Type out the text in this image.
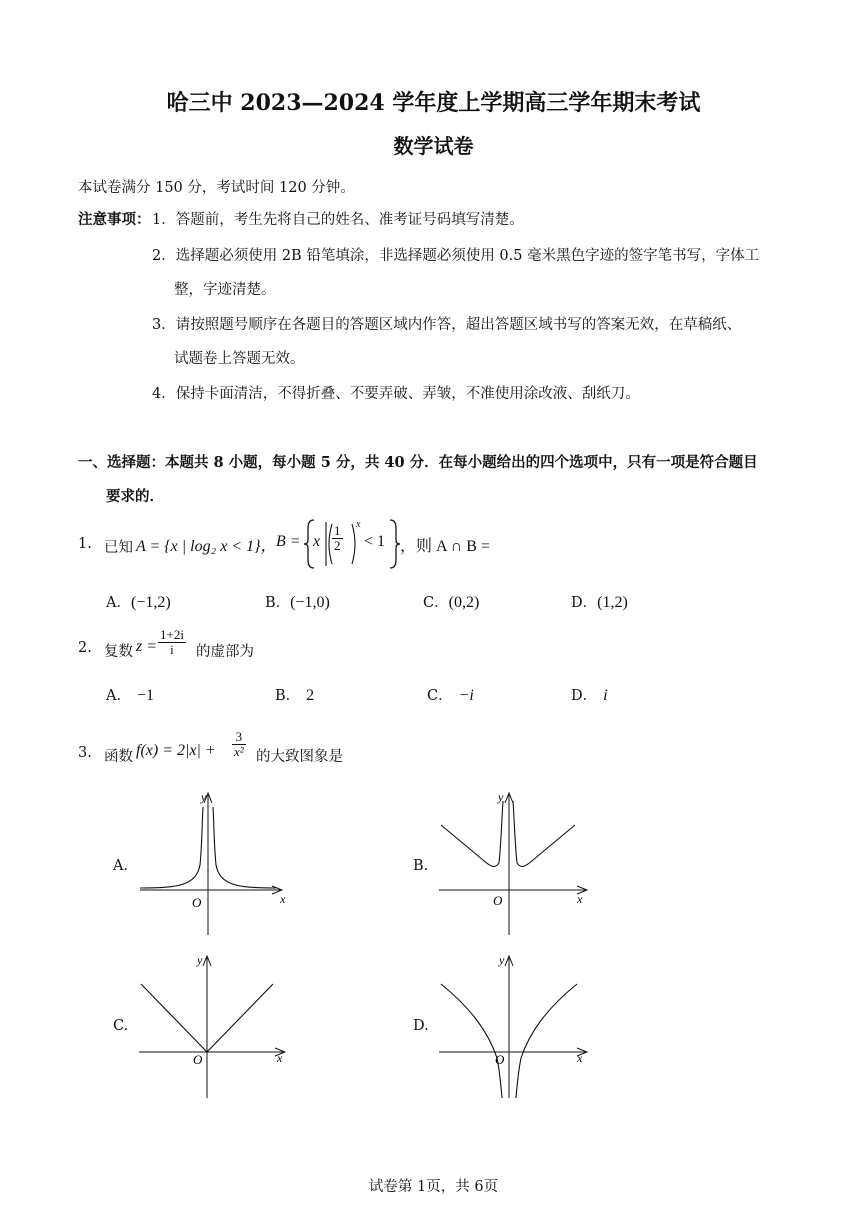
哈三中 2023—2024 学年度上学期高三学年期末考试
数学试卷
本试卷满分 150 分，考试时间 120 分钟。
注意事项： 1．答题前，考生先将自己的姓名、准考证号码填写清楚。
2．选择题必须使用 2B 铅笔填涂，非选择题必须使用 0.5 毫米黑色字迹的签字笔书写，字体工
整，字迹清楚。
3．请按照题号顺序在各题目的答题区域内作答，超出答题区域书写的答案无效，在草稿纸、
试题卷上答题无效。
4．保持卡面清洁，不得折叠、不要弄破、弄皱，不准使用涂改液、刮纸刀。
一、选择题：本题共 8 小题，每小题 5 分，共 40 分．在每小题给出的四个选项中，只有一项是符合题目
要求的．
1. 已知 A = {x | log₂ x < 1}， B = x $\frac{1}{2}$ x
< 1 ，则 A ∩ B =
A．(−1,2)	B．(−1,0)	C．(0,2)	D．(1,2)
2. 复数 $z = \frac{1+2i}{i}$ 的虚部为
A． −1	B． 2	C． −i	D． i
3. 函数 $f(x) = 2|x| + \frac{3}{\text{x²}}$ 的大致图象是
A.
y
x
O
B.
y
x
O
C.
y
x
O
D.
y
x
O
试卷第 1页，共 6页
